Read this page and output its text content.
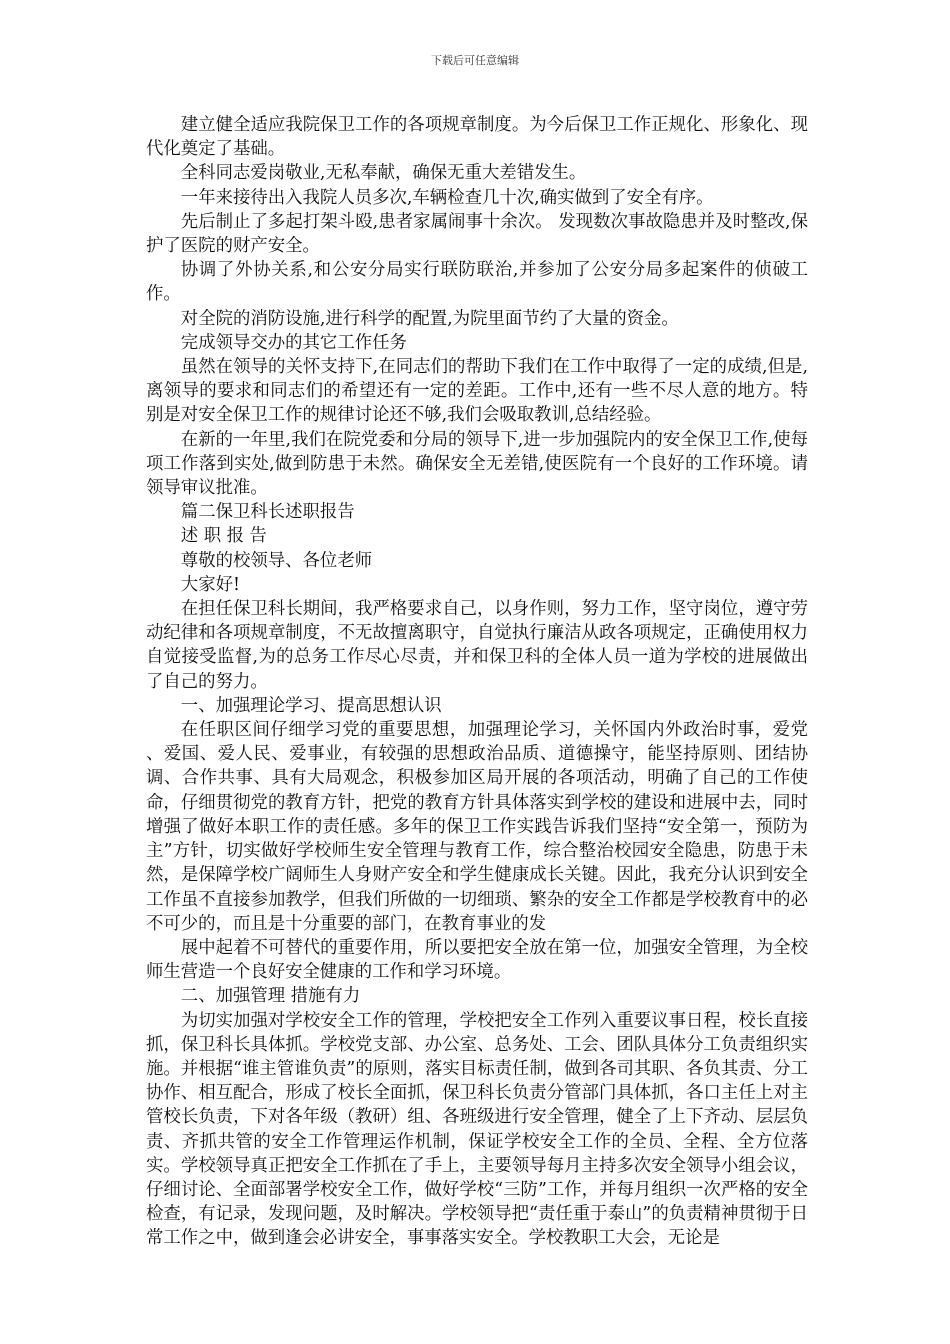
下载后可任意编辑

建立健全适应我院保卫工作的各项规章制度。为今后保卫工作正规化、形象化、现代化奠定了基础。

全科同志爱岗敬业,无私奉献，确保无重大差错发生。

一年来接待出入我院人员多次,车辆检查几十次,确实做到了安全有序。

先后制止了多起打架斗殴,患者家属闹事十余次。 发现数次事故隐患并及时整改,保护了医院的财产安全。

协调了外协关系,和公安分局实行联防联治,并参加了公安分局多起案件的侦破工作。

对全院的消防设施,进行科学的配置,为院里面节约了大量的资金。

完成领导交办的其它工作任务

虽然在领导的关怀支持下,在同志们的帮助下我们在工作中取得了一定的成绩,但是,离领导的要求和同志们的希望还有一定的差距。工作中,还有一些不尽人意的地方。特别是对安全保卫工作的规律讨论还不够,我们会吸取教训,总结经验。

在新的一年里,我们在院党委和分局的领导下,进一步加强院内的安全保卫工作,使每项工作落到实处,做到防患于未然。确保安全无差错,使医院有一个良好的工作环境。请领导审议批准。

篇二保卫科长述职报告

述 职 报 告

尊敬的校领导、各位老师

大家好!

在担任保卫科长期间，我严格要求自己，以身作则，努力工作，坚守岗位，遵守劳动纪律和各项规章制度，不无故擅离职守，自觉执行廉洁从政各项规定，正确使用权力自觉接受监督,为的总务工作尽心尽责，并和保卫科的全体人员一道为学校的进展做出了自己的努力。

一、加强理论学习、提高思想认识

在任职区间仔细学习党的重要思想，加强理论学习，关怀国内外政治时事，爱党 、爱国、爱人民、爱事业，有较强的思想政治品质、道德操守，能坚持原则、团结协调、合作共事、具有大局观念，积极参加区局开展的各项活动，明确了自己的工作使命，仔细贯彻党的教育方针，把党的教育方针具体落实到学校的建设和进展中去，同时增强了做好本职工作的责任感。多年的保卫工作实践告诉我们坚持“安全第一，预防为主”方针，切实做好学校师生安全管理与教育工作，综合整治校园安全隐患，防患于未然，是保障学校广阔师生人身财产安全和学生健康成长关键。因此，我充分认识到安全工作虽不直接参加教学，但我们所做的一切细琐、繁杂的安全工作都是学校教育中的必不可少的，而且是十分重要的部门，在教育事业的发

展中起着不可替代的重要作用，所以要把安全放在第一位，加强安全管理，为全校师生营造一个良好安全健康的工作和学习环境。

二、加强管理 措施有力

为切实加强对学校安全工作的管理，学校把安全工作列入重要议事日程，校长直接抓，保卫科长具体抓。学校党支部、办公室、总务处、工会、团队具体分工负责组织实施。并根据“谁主管谁负责”的原则，落实目标责任制，做到各司其职、各负其责、分工协作、相互配合，形成了校长全面抓，保卫科长负责分管部门具体抓，各口主任上对主管校长负责，下对各年级（教研）组、各班级进行安全管理，健全了上下齐动、层层负责、齐抓共管的安全工作管理运作机制，保证学校安全工作的全员、全程、全方位落实。学校领导真正把安全工作抓在了手上，主要领导每月主持多次安全领导小组会议，仔细讨论、全面部署学校安全工作，做好学校“三防”工作，并每月组织一次严格的安全检查，有记录，发现问题，及时解决。学校领导把“责任重于泰山”的负责精神贯彻于日常工作之中，做到逢会必讲安全，事事落实安全。学校教职工大会，无论是
